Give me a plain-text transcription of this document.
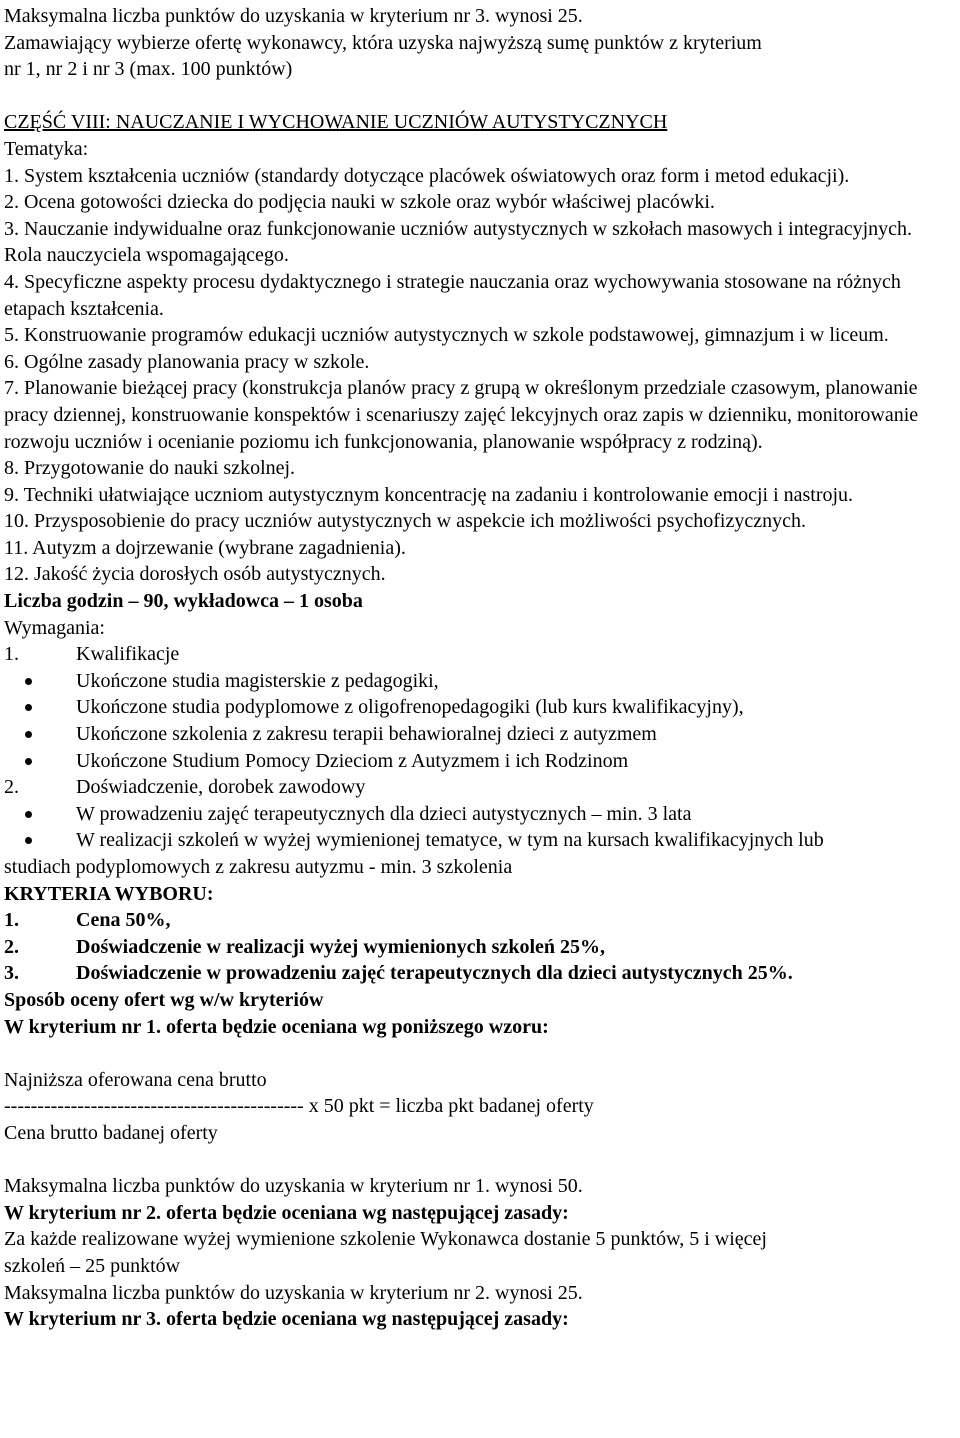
Maksymalna liczba punktów do uzyskania w kryterium nr 3. wynosi 25.
Zamawiający wybierze ofertę wykonawcy, która uzyska najwyższą sumę punktów z kryterium
nr 1, nr 2 i nr 3 (max. 100 punktów)
CZĘŚĆ VIII: NAUCZANIE I WYCHOWANIE UCZNIÓW AUTYSTYCZNYCH
Tematyka:
1. System kształcenia uczniów (standardy dotyczące placówek oświatowych oraz form i metod edukacji).
2. Ocena gotowości dziecka do podjęcia nauki w szkole oraz wybór właściwej placówki.
3. Nauczanie indywidualne oraz funkcjonowanie uczniów autystycznych w szkołach masowych i integracyjnych. Rola nauczyciela wspomagającego.
4. Specyficzne aspekty procesu dydaktycznego i strategie nauczania oraz wychowywania stosowane na różnych etapach kształcenia.
5. Konstruowanie programów edukacji uczniów autystycznych w szkole podstawowej, gimnazjum i w liceum.
6. Ogólne zasady planowania pracy w szkole.
7. Planowanie bieżącej pracy (konstrukcja planów pracy z grupą w określonym przedziale czasowym, planowanie pracy dziennej, konstruowanie konspektów i scenariuszy zajęć lekcyjnych oraz zapis w dzienniku, monitorowanie rozwoju uczniów i ocenianie poziomu ich funkcjonowania, planowanie współpracy z rodziną).
8. Przygotowanie do nauki szkolnej.
9. Techniki ułatwiające uczniom autystycznym koncentrację na zadaniu i kontrolowanie emocji i nastroju.
10. Przysposobienie do pracy uczniów autystycznych w aspekcie ich możliwości psychofizycznych.
11. Autyzm a dojrzewanie (wybrane zagadnienia).
12. Jakość życia dorosłych osób autystycznych.
Liczba godzin – 90, wykładowca – 1 osoba
Wymagania:
1.	Kwalifikacje
Ukończone studia magisterskie z pedagogiki,
Ukończone studia podyplomowe z oligofrenopedagogiki (lub kurs kwalifikacyjny),
Ukończone szkolenia z zakresu terapii behawioralnej dzieci z autyzmem
Ukończone Studium Pomocy Dzieciom z Autyzmem i ich Rodzinom
2.	Doświadczenie, dorobek zawodowy
W prowadzeniu zajęć terapeutycznych dla dzieci autystycznych – min. 3 lata
W realizacji szkoleń w wyżej wymienionej tematyce, w tym na kursach kwalifikacyjnych lub
studiach podyplomowych z zakresu autyzmu - min. 3 szkolenia
KRYTERIA WYBORU:
1.	Cena 50%,
2.	Doświadczenie w realizacji wyżej wymienionych szkoleń 25%,
3.	Doświadczenie w prowadzeniu zajęć terapeutycznych dla dzieci autystycznych 25%.
Sposób oceny ofert wg w/w kryteriów
W kryterium nr 1. oferta będzie oceniana wg poniższego wzoru:
Najniższa oferowana cena brutto
--------------------------------------------- x 50 pkt = liczba pkt badanej oferty
Cena brutto badanej oferty
Maksymalna liczba punktów do uzyskania w kryterium nr 1. wynosi 50.
W kryterium nr 2. oferta będzie oceniana wg następującej zasady:
Za każde realizowane wyżej wymienione szkolenie Wykonawca dostanie 5 punktów, 5 i więcej
szkoleń – 25 punktów
Maksymalna liczba punktów do uzyskania w kryterium nr 2. wynosi 25.
W kryterium nr 3. oferta będzie oceniana wg następującej zasady:
